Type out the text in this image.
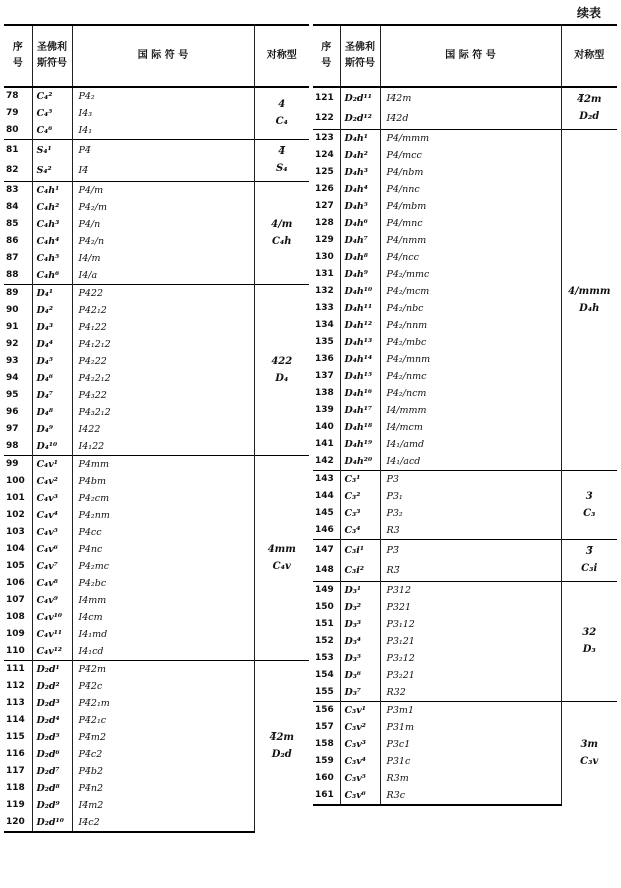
续表
序
号	圣佛利
斯符号	国 际 符 号	对称型
78	C₄²	P4₂	4
C₄

79	C₄⁵	I4₃	
80	C₄⁶	I4₁	
81	S₄¹	P4̅	4̅
S₄

82	S₄²	I4̅	
83	C₄h¹	P4/m	4/m
C₄h

84	C₄h²	P4₂/m	
85	C₄h³	P4/n	
86	C₄h⁴	P4₂/n	
87	C₄h⁵	I4/m	
88	C₄h⁶	I4/a	
89	D₄¹	P422	422
D₄

90	D₄²	P42₁2	
91	D₄³	P4₁22	
92	D₄⁴	P4₁2₁2	
93	D₄⁵	P4₂22	
94	D₄⁶	P4₂2₁2	
95	D₄⁷	P4₃22	
96	D₄⁸	P4₃2₁2	
97	D₄⁹	I422	
98	D₄¹⁰	I4₁22	
99	C₄v¹	P4mm	4mm
C₄v

100	C₄v²	P4bm	
101	C₄v³	P4₂cm	
102	C₄v⁴	P4₂nm	
103	C₄v⁵	P4cc	
104	C₄v⁶	P4nc	
105	C₄v⁷	P4₂mc	
106	C₄v⁸	P4₂bc	
107	C₄v⁹	I4mm	
108	C₄v¹⁰	I4cm	
109	C₄v¹¹	I4₁md	
110	C₄v¹²	I4₁cd	
111	D₂d¹	P4̅2m	4̅2m
D₂d

112	D₂d²	P4̅2c	
113	D₂d³	P4̅2₁m	
114	D₂d⁴	P4̅2₁c	
115	D₂d⁵	P4̅m2	
116	D₂d⁶	P4̅c2	
117	D₂d⁷	P4̅b2	
118	D₂d⁸	P4̅n2	
119	D₂d⁹	I4̅m2	
120	D₂d¹⁰	I4̅c2	
序
号	圣佛利
斯符号	国 际 符 号	对称型
121	D₂d¹¹	I4̅2m	4̅2m
D₂d

122	D₂d¹²	I4̅2d	
123	D₄h¹	P4/mmm	4/mmm
D₄h

124	D₄h²	P4/mcc	
125	D₄h³	P4/nbm	
126	D₄h⁴	P4/nnc	
127	D₄h⁵	P4/mbm	
128	D₄h⁶	P4/mnc	
129	D₄h⁷	P4/nmm	
130	D₄h⁸	P4/ncc	
131	D₄h⁹	P4₂/mmc	
132	D₄h¹⁰	P4₂/mcm	
133	D₄h¹¹	P4₂/nbc	
134	D₄h¹²	P4₂/nnm	
135	D₄h¹³	P4₂/mbc	
136	D₄h¹⁴	P4₂/mnm	
137	D₄h¹⁵	P4₂/nmc	
138	D₄h¹⁶	P4₂/ncm	
139	D₄h¹⁷	I4/mmm	
140	D₄h¹⁸	I4/mcm	
141	D₄h¹⁹	I4₁/amd	
142	D₄h²⁰	I4₁/acd	
143	C₃¹	P3	3
C₃

144	C₃²	P3₁	
145	C₃³	P3₂	
146	C₃⁴	R3	
147	C₃i¹	P3̅	3̅
C₃i

148	C₃i²	R3̅	
149	D₃¹	P312	32
D₃

150	D₃²	P321	
151	D₃³	P3₁12	
152	D₃⁴	P3₁21	
153	D₃⁵	P3₂12	
154	D₃⁶	P3₂21	
155	D₃⁷	R32	
156	C₃v¹	P3m1	3m
C₃v

157	C₃v²	P31m	
158	C₃v³	P3c1	
159	C₃v⁴	P31c	
160	C₃v⁵	R3m	
161	C₃v⁶	R3c	
